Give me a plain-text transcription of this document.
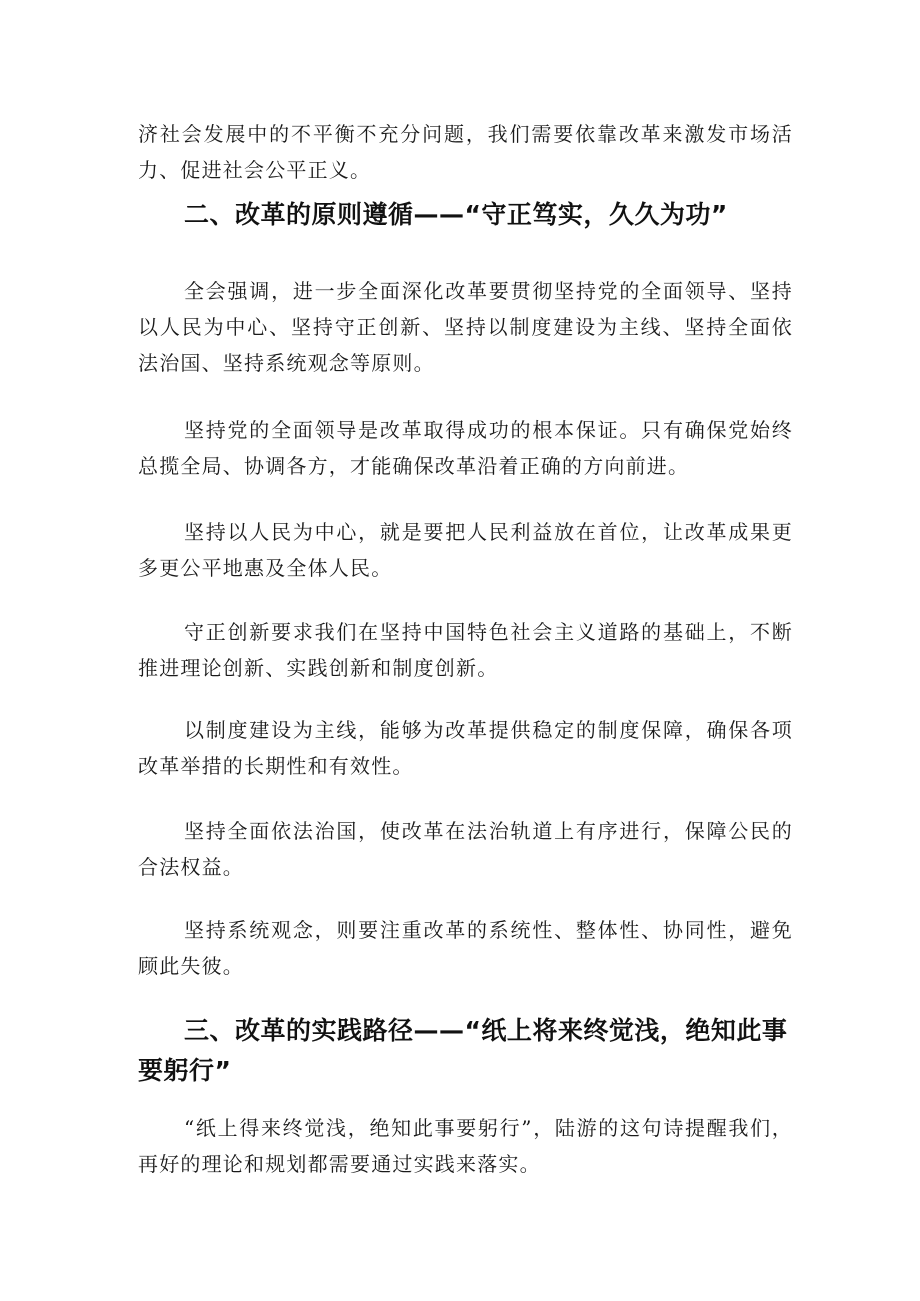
济社会发展中的不平衡不充分问题，我们需要依靠改革来激发市场活力、促进社会公平正义。

二、改革的原则遵循——“守正笃实，久久为功”

全会强调，进一步全面深化改革要贯彻坚持党的全面领导、坚持以人民为中心、坚持守正创新、坚持以制度建设为主线、坚持全面依法治国、坚持系统观念等原则。

坚持党的全面领导是改革取得成功的根本保证。只有确保党始终总揽全局、协调各方，才能确保改革沿着正确的方向前进。

坚持以人民为中心，就是要把人民利益放在首位，让改革成果更多更公平地惠及全体人民。

守正创新要求我们在坚持中国特色社会主义道路的基础上，不断推进理论创新、实践创新和制度创新。

以制度建设为主线，能够为改革提供稳定的制度保障，确保各项改革举措的长期性和有效性。

坚持全面依法治国，使改革在法治轨道上有序进行，保障公民的合法权益。

坚持系统观念，则要注重改革的系统性、整体性、协同性，避免顾此失彼。

三、改革的实践路径——“纸上将来终觉浅，绝知此事要躬行”

“纸上得来终觉浅，绝知此事要躬行”，陆游的这句诗提醒我们，再好的理论和规划都需要通过实践来落实。
